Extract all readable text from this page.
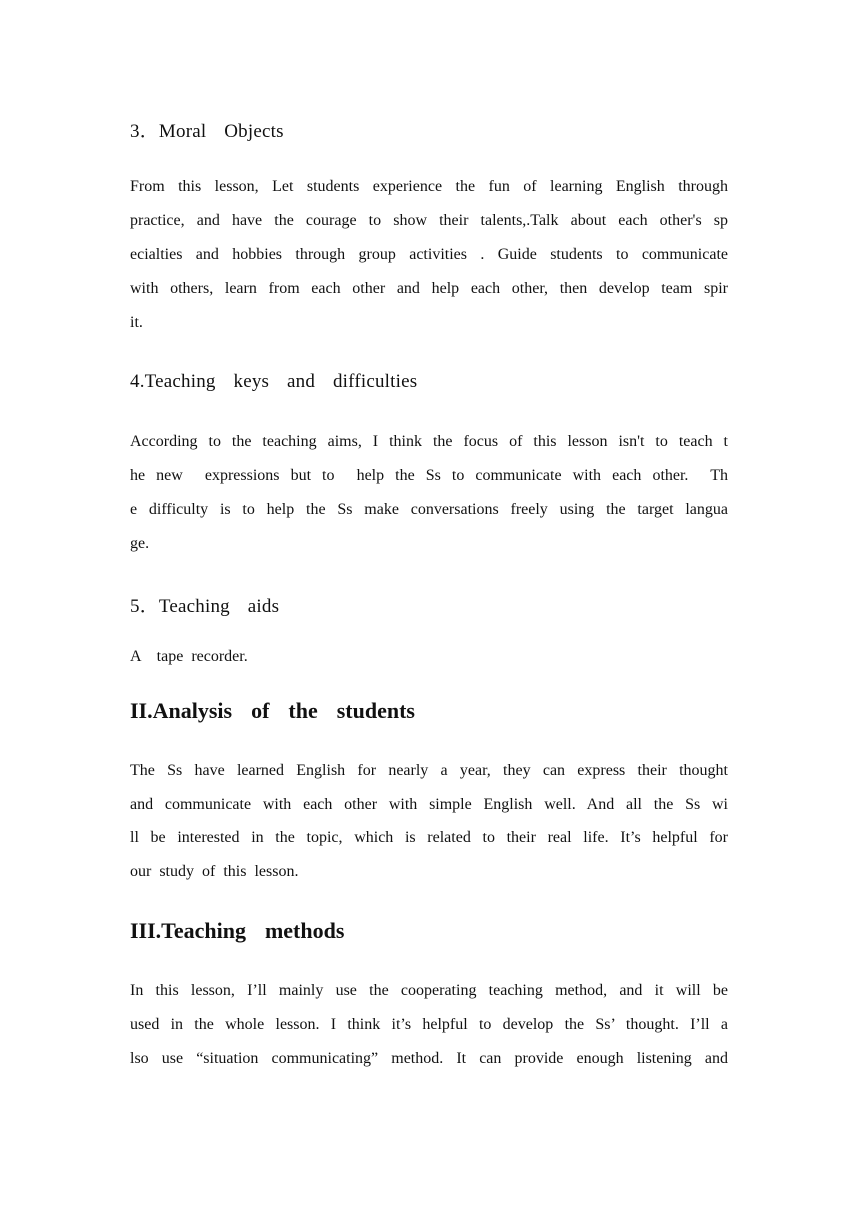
3．Moral  Objects
From  this  lesson,  Let  students  experience  the  fun  of  learning  English  through
practice,  and  have  the  courage  to  show  their  talents,.Talk  about  each  other's  sp
ecialties  and  hobbies  through  group  activities  .  Guide  students  to  communicate
with  others,  learn  from  each  other  and  help  each  other,  then  develop  team  spir
it.
4.Teaching  keys  and  difficulties
According  to  the  teaching  aims,  I  think  the  focus  of  this  lesson  isn't  to  teach  t
he  new    expressions  but  to    help  the  Ss  to  communicate  with  each  other.    Th
e  difficulty  is  to  help  the  Ss  make  conversations  freely  using  the  target  langua
ge.
5．Teaching  aids
A    tape  recorder.
II.Analysis  of  the  students
The  Ss  have  learned  English  for  nearly  a  year,  they  can  express  their  thought
and  communicate  with  each  other  with  simple  English  well.  And  all  the  Ss  wi
ll  be  interested  in  the  topic,  which  is  related  to  their  real  life.  It’s  helpful  for
our  study  of  this  lesson.
III.Teaching  methods
In  this  lesson,  I’ll  mainly  use  the  cooperating  teaching  method,  and  it  will  be
used  in  the  whole  lesson.  I  think  it’s  helpful  to  develop  the  Ss’  thought.  I’ll  a
lso  use  “situation  communicating”  method.  It  can  provide  enough  listening  and
